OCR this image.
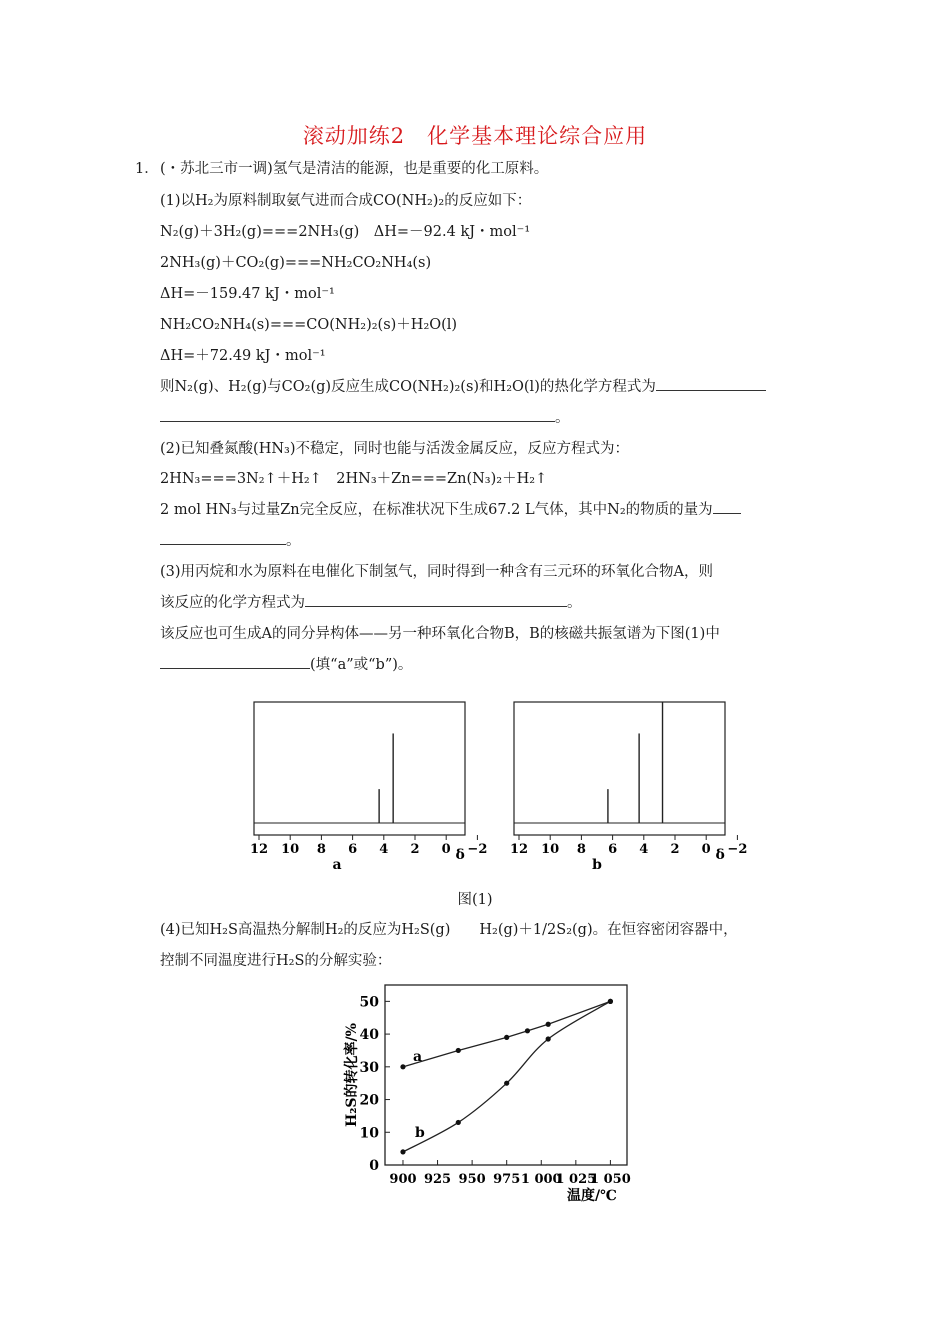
滚动加练2　化学基本理论综合应用
1． (・苏北三市一调)氢气是清洁的能源，也是重要的化工原料。
(1)以H₂为原料制取氨气进而合成CO(NH₂)₂的反应如下：
N₂(g)＋3H₂(g)===2NH₃(g)　ΔH=－92.4 kJ・mol⁻¹
2NH₃(g)＋CO₂(g)===NH₂CO₂NH₄(s)
ΔH=－159.47 kJ・mol⁻¹
NH₂CO₂NH₄(s)===CO(NH₂)₂(s)＋H₂O(l)
ΔH=＋72.49 kJ・mol⁻¹
则N₂(g)、H₂(g)与CO₂(g)反应生成CO(NH₂)₂(s)和H₂O(l)的热化学方程式为
。
(2)已知叠氮酸(HN₃)不稳定，同时也能与活泼金属反应，反应方程式为：
2HN₃===3N₂↑＋H₂↑　2HN₃＋Zn===Zn(N₃)₂＋H₂↑
2 mol HN₃与过量Zn完全反应，在标准状况下生成67.2 L气体，其中N₂的物质的量为
。
(3)用丙烷和水为原料在电催化下制氢气，同时得到一种含有三元环的环氧化合物A，则
该反应的化学方程式为	。
该反应也可生成A的同分异构体——另一种环氧化合物B，B的核磁共振氢谱为下图(1)中
(填“a”或“b”)。
12 10 8 6 4 2 0 −2
δ
a
12 10 8 6 4 2 0 −2
δ
b
图(1)
(4)已知H₂S高温热分解制H₂的反应为H₂S(g)　　H₂(g)＋1/2S₂(g)。在恒容密闭容器中，
控制不同温度进行H₂S的分解实验：
0
10
20
30
40
50
900 925 950 975 1 000
1 025
1 050
温度/℃
H₂S的转化率/%	a
b
